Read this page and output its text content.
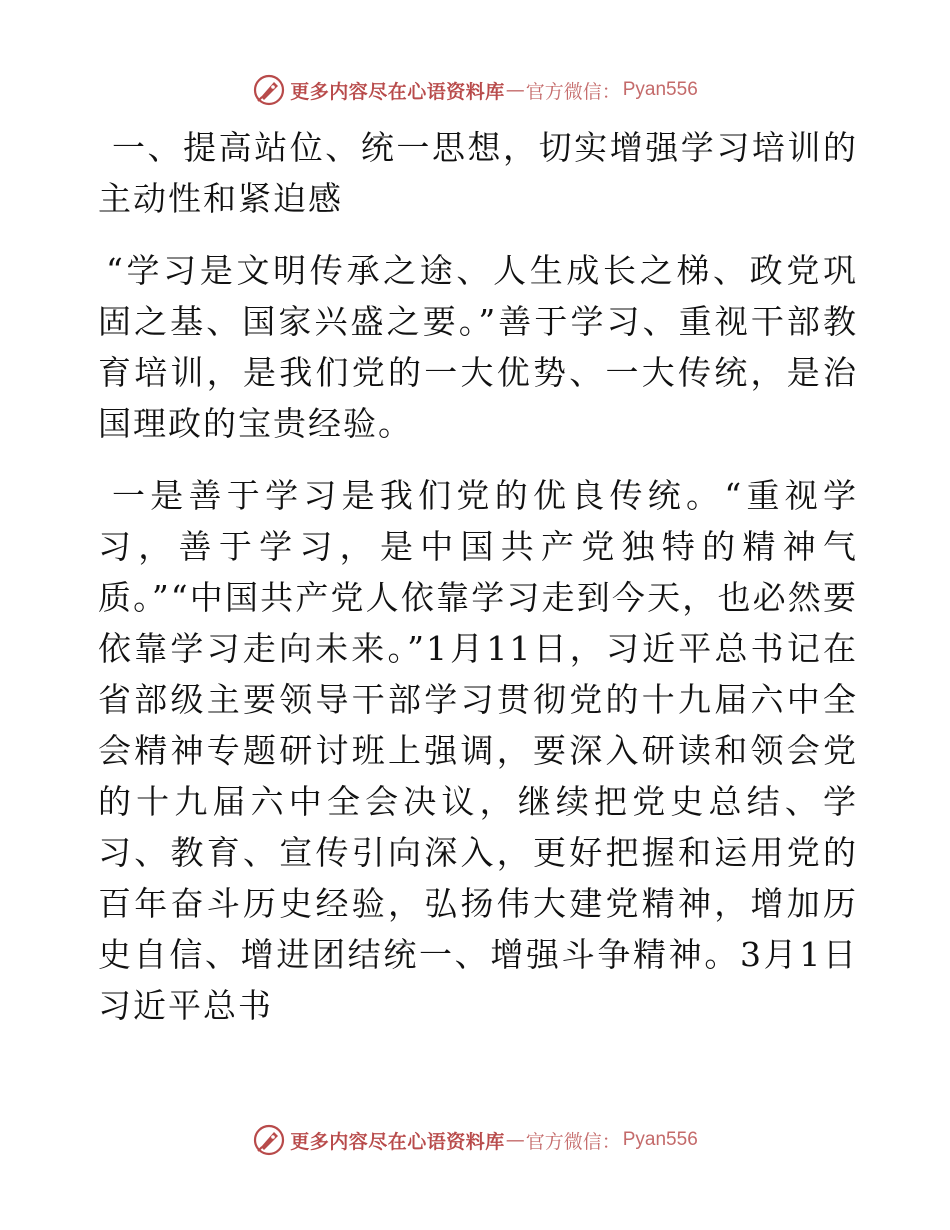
更多内容尽在心语资料库 — 官方微信： Pyan556

一、提高站位、统一思想，切实增强学习培训的主动性和紧迫感

“学习是文明传承之途、人生成长之梯、政党巩固之基、国家兴盛之要。”善于学习、重视干部教育培训，是我们党的一大优势、一大传统，是治国理政的宝贵经验。

一是善于学习是我们党的优良传统。“重视学习，善于学习，是中国共产党独特的精神气质。”“中国共产党人依靠学习走到今天，也必然要依靠学习走向未来。”1月11日，习近平总书记在省部级主要领导干部学习贯彻党的十九届六中全会精神专题研讨班上强调，要深入研读和领会党的十九届六中全会决议，继续把党史总结、学习、教育、宣传引向深入，更好把握和运用党的百年奋斗历史经验，弘扬伟大建党精神，增加历史自信、增进团结统一、增强斗争精神。3月1日习近平总书

更多内容尽在心语资料库 — 官方微信： Pyan556
